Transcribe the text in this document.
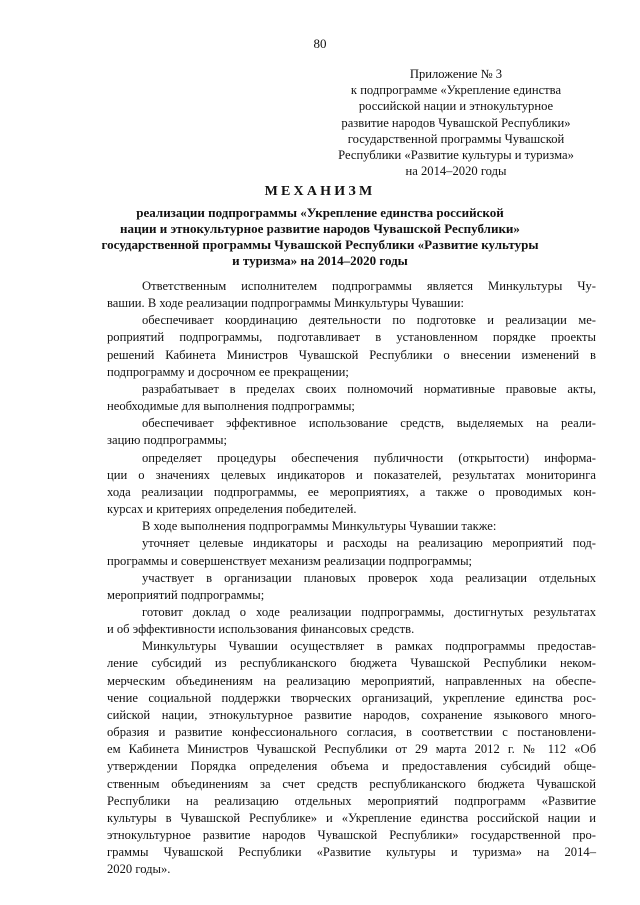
80
Приложение № 3
к подпрограмме «Укрепление единства
российской нации и этнокультурное
развитие народов Чувашской Республики»
государственной программы Чувашской
Республики «Развитие культуры и туризма»
на 2014–2020 годы
МЕХАНИЗМ
реализации подпрограммы «Укрепление единства российской
нации и этнокультурное развитие народов Чувашской Республики»
государственной программы Чувашской Республики «Развитие культуры
и туризма» на 2014–2020 годы
Ответственным исполнителем подпрограммы является Минкультуры Чу-
вашии. В ходе реализации подпрограммы Минкультуры Чувашии:
обеспечивает координацию деятельности по подготовке и реализации ме-
роприятий подпрограммы, подготавливает в установленном порядке проекты
решений Кабинета Министров Чувашской Республики о внесении изменений в
подпрограмму и досрочном ее прекращении;
разрабатывает в пределах своих полномочий нормативные правовые акты,
необходимые для выполнения подпрограммы;
обеспечивает эффективное использование средств, выделяемых на реали-
зацию подпрограммы;
определяет процедуры обеспечения публичности (открытости) информа-
ции о значениях целевых индикаторов и показателей, результатах мониторинга
хода реализации подпрограммы, ее мероприятиях, а также о проводимых кон-
курсах и критериях определения победителей.
В ходе выполнения подпрограммы Минкультуры Чувашии также:
уточняет целевые индикаторы и расходы на реализацию мероприятий под-
программы и совершенствует механизм реализации подпрограммы;
участвует в организации плановых проверок хода реализации отдельных
мероприятий подпрограммы;
готовит доклад о ходе реализации подпрограммы, достигнутых результатах
и об эффективности использования финансовых средств.
Минкультуры Чувашии осуществляет в рамках подпрограммы предостав-
ление субсидий из республиканского бюджета Чувашской Республики неком-
мерческим объединениям на реализацию мероприятий, направленных на обеспе-
чение социальной поддержки творческих организаций, укрепление единства рос-
сийской нации, этнокультурное развитие народов, сохранение языкового много-
образия и развитие конфессионального согласия, в соответствии с постановлени-
ем Кабинета Министров Чувашской Республики от 29 марта 2012 г. № 112 «Об
утверждении Порядка определения объема и предоставления субсидий обще-
ственным объединениям за счет средств республиканского бюджета Чувашской
Республики на реализацию отдельных мероприятий подпрограмм «Развитие
культуры в Чувашской Республике» и «Укрепление единства российской нации и
этнокультурное развитие народов Чувашской Республики» государственной про-
граммы Чувашской Республики «Развитие культуры и туризма» на 2014–
2020 годы».
